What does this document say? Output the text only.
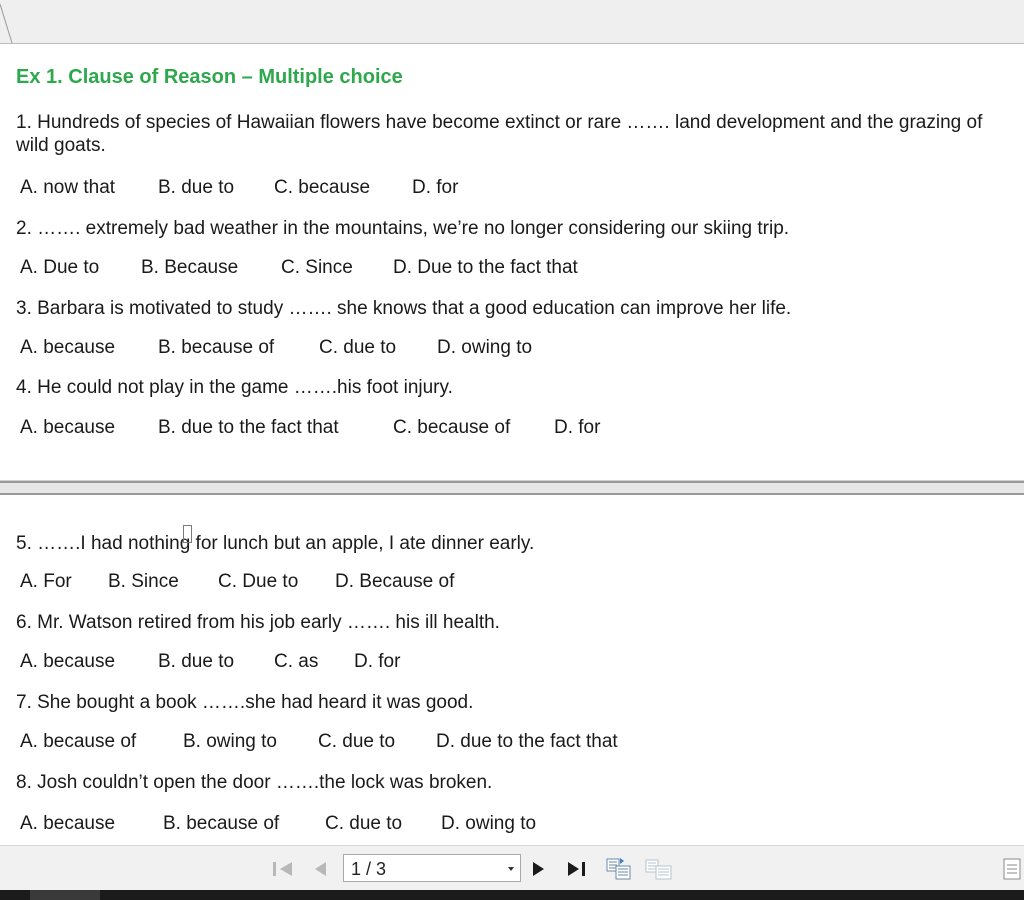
Ex 1. Clause of Reason – Multiple choice
1. Hundreds of species of Hawaiian flowers have become extinct or rare ……. land development and the grazing of wild goats.
A. now that B. due to C. because D. for
2. ……. extremely bad weather in the mountains, we’re no longer considering our skiing trip.
A. Due to B. Because C. Since D. Due to the fact that
3. Barbara is motivated to study ……. she knows that a good education can improve her life.
A. because B. because of C. due to D. owing to
4. He could not play in the game …….his foot injury.
A. because B. due to the fact that	C. because of D. for
5. …….I had nothing for lunch but an apple, I ate dinner early.
A. For B. Since C. Due to D. Because of
6. Mr. Watson retired from his job early ……. his ill health.
A. because B. due to C. as D. for
7. She bought a book …….she had heard it was good.
A. because of B. owing to C. due to D. due to the fact that
8. Josh couldn’t open the door …….the lock was broken.
A. because	B. because of C. due to D. owing to
1 / 3
